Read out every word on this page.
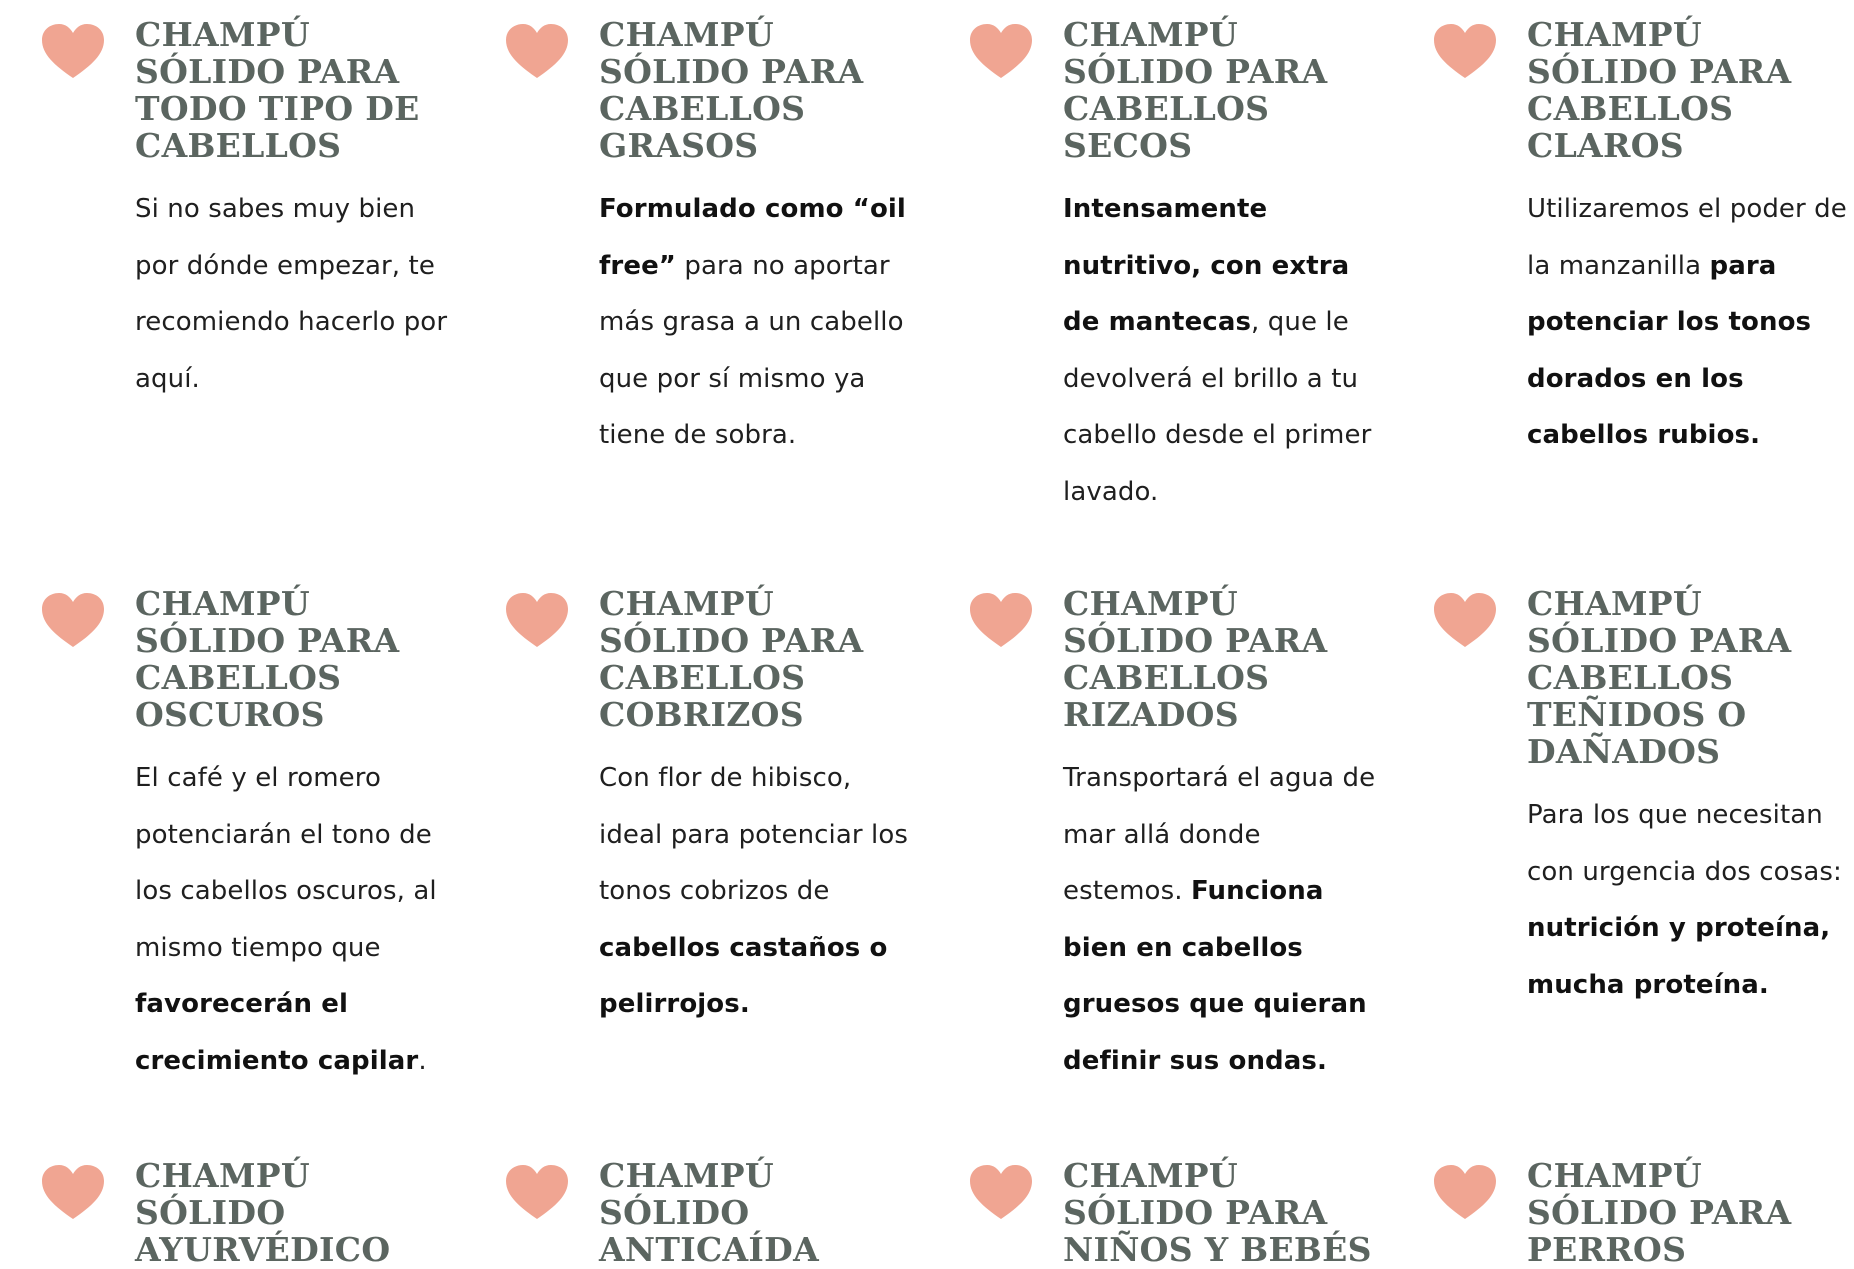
CHAMPÚ SÓLIDO PARA TODO TIPO DE CABELLOS

Si no sabes muy bien por dónde empezar, te recomiendo hacerlo por aquí.

CHAMPÚ SÓLIDO PARA CABELLOS GRASOS

Formulado como “oil free” para no aportar más grasa a un cabello que por sí mismo ya tiene de sobra.

CHAMPÚ SÓLIDO PARA CABELLOS SECOS

Intensamente nutritivo, con extra de mantecas, que le devolverá el brillo a tu cabello desde el primer lavado.

CHAMPÚ SÓLIDO PARA CABELLOS CLAROS

Utilizaremos el poder de la manzanilla para potenciar los tonos dorados en los cabellos rubios.

CHAMPÚ SÓLIDO PARA CABELLOS OSCUROS

El café y el romero potenciarán el tono de los cabellos oscuros, al mismo tiempo que favorecerán el crecimiento capilar.

CHAMPÚ SÓLIDO PARA CABELLOS COBRIZOS

Con flor de hibisco, ideal para potenciar los tonos cobrizos de cabellos castaños o pelirrojos.

CHAMPÚ SÓLIDO PARA CABELLOS RIZADOS

Transportará el agua de mar allá donde estemos. Funciona bien en cabellos gruesos que quieran definir sus ondas.

CHAMPÚ SÓLIDO PARA CABELLOS TEÑIDOS O DAÑADOS

Para los que necesitan con urgencia dos cosas: nutrición y proteína, mucha proteína.

CHAMPÚ SÓLIDO AYURVÉDICO
CHAMPÚ SÓLIDO ANTICAÍDA
CHAMPÚ SÓLIDO PARA NIÑOS Y BEBÉS
CHAMPÚ SÓLIDO PARA PERROS
